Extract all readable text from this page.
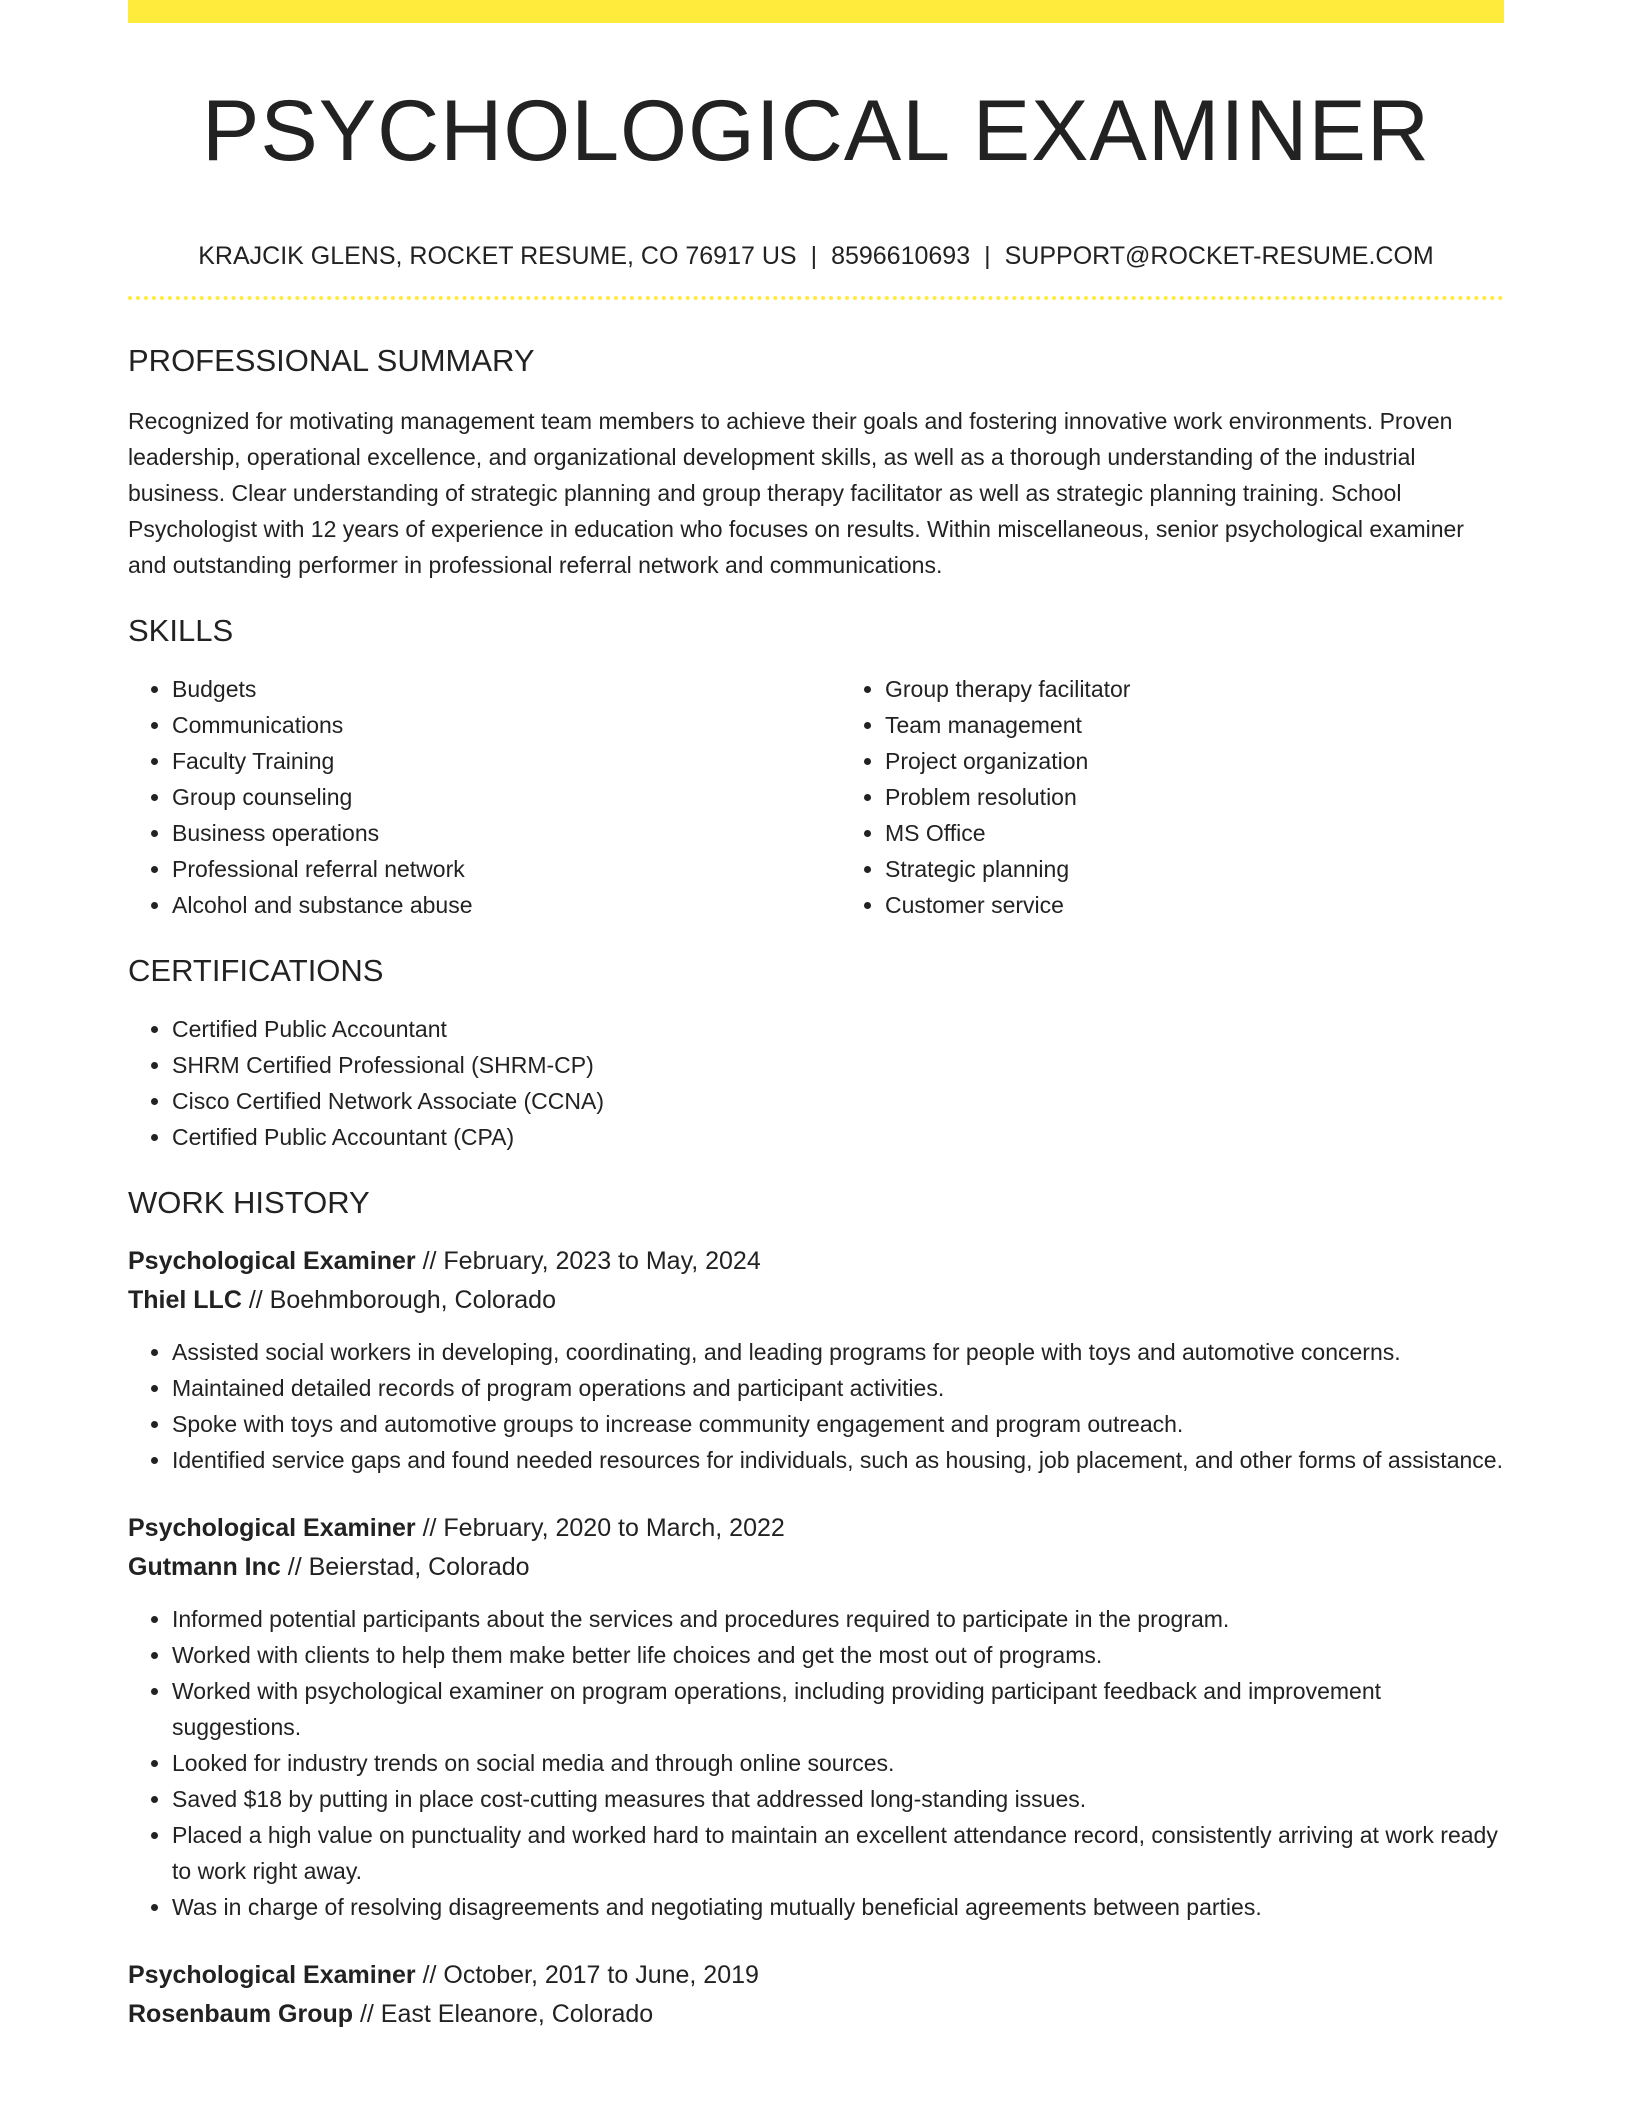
PSYCHOLOGICAL EXAMINER
KRAJCIK GLENS, ROCKET RESUME, CO 76917 US | 8596610693 | SUPPORT@ROCKET-RESUME.COM
PROFESSIONAL SUMMARY

Recognized for motivating management team members to achieve their goals and fostering innovative work environments. Proven leadership, operational excellence, and organizational development skills, as well as a thorough understanding of the industrial business. Clear understanding of strategic planning and group therapy facilitator as well as strategic planning training. School Psychologist with 12 years of experience in education who focuses on results. Within miscellaneous, senior psychological examiner and outstanding performer in professional referral network and communications.

SKILLS
• Budgets
• Communications
• Faculty Training
• Group counseling
• Business operations
• Professional referral network
• Alcohol and substance abuse
• Group therapy facilitator
• Team management
• Project organization
• Problem resolution
• MS Office
• Strategic planning
• Customer service
CERTIFICATIONS
• Certified Public Accountant
• SHRM Certified Professional (SHRM-CP)
• Cisco Certified Network Associate (CCNA)
• Certified Public Accountant (CPA)
WORK HISTORY
Psychological Examiner // February, 2023 to May, 2024
Thiel LLC // Boehmborough, Colorado
• Assisted social workers in developing, coordinating, and leading programs for people with toys and automotive concerns.
• Maintained detailed records of program operations and participant activities.
• Spoke with toys and automotive groups to increase community engagement and program outreach.
• Identified service gaps and found needed resources for individuals, such as housing, job placement, and other forms of assistance.
Psychological Examiner // February, 2020 to March, 2022
Gutmann Inc // Beierstad, Colorado
• Informed potential participants about the services and procedures required to participate in the program.
• Worked with clients to help them make better life choices and get the most out of programs.
• Worked with psychological examiner on program operations, including providing participant feedback and improvement suggestions.
• Looked for industry trends on social media and through online sources.
• Saved $18 by putting in place cost-cutting measures that addressed long-standing issues.
• Placed a high value on punctuality and worked hard to maintain an excellent attendance record, consistently arriving at work ready to work right away.
• Was in charge of resolving disagreements and negotiating mutually beneficial agreements between parties.
Psychological Examiner // October, 2017 to June, 2019
Rosenbaum Group // East Eleanore, Colorado
